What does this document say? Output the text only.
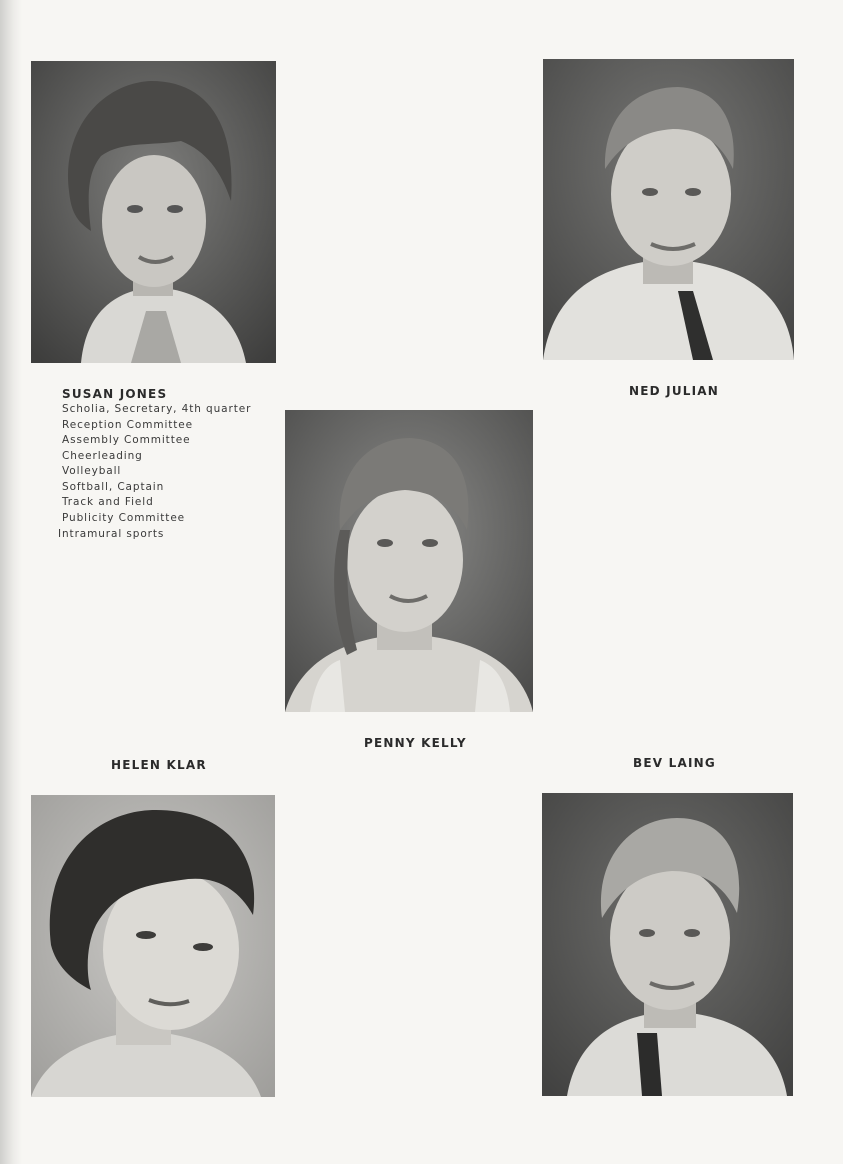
SUSAN JONES
Scholia, Secretary, 4th quarter
Reception Committee
Assembly Committee
Cheerleading
Volleyball
Softball, Captain
Track and Field
Publicity Committee
Intramural sports
NED JULIAN
PENNY KELLY
HELEN KLAR	BEV LAING
